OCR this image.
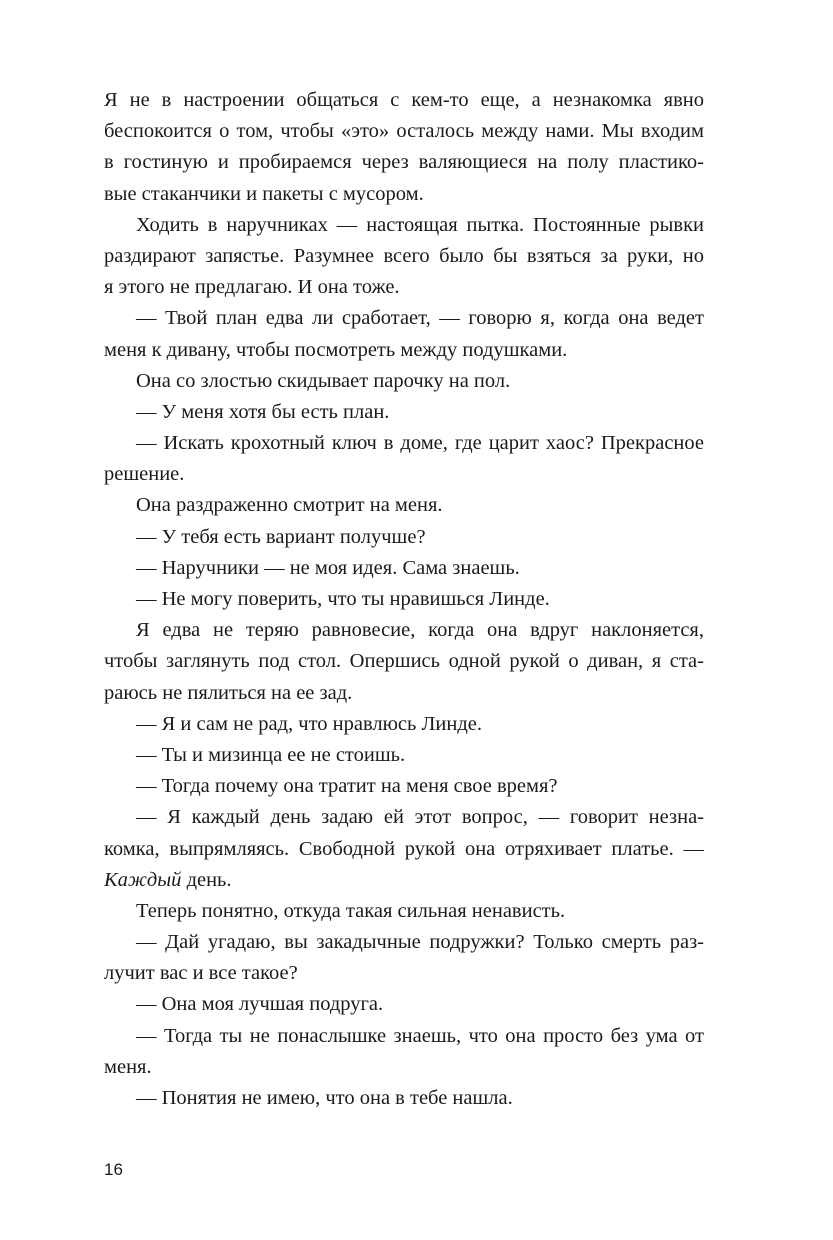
Я не в настроении общаться с кем-то еще, а незнакомка явно
беспокоится о том, чтобы «это» осталось между нами. Мы входим
в гостиную и пробираемся через валяющиеся на полу пластико-
вые стаканчики и пакеты с мусором.
Ходить в наручниках — настоящая пытка. Постоянные рывки
раздирают запястье. Разумнее всего было бы взяться за руки, но
я этого не предлагаю. И она тоже.
— Твой план едва ли сработает, — говорю я, когда она ведет
меня к дивану, чтобы посмотреть между подушками.
Она со злостью скидывает парочку на пол.
— У меня хотя бы есть план.
— Искать крохотный ключ в доме, где царит хаос? Прекрасное
решение.
Она раздраженно смотрит на меня.
— У тебя есть вариант получше?
— Наручники — не моя идея. Сама знаешь.
— Не могу поверить, что ты нравишься Линде.
Я едва не теряю равновесие, когда она вдруг наклоняется,
чтобы заглянуть под стол. Опершись одной рукой о диван, я ста-
раюсь не пялиться на ее зад.
— Я и сам не рад, что нравлюсь Линде.
— Ты и мизинца ее не стоишь.
— Тогда почему она тратит на меня свое время?
— Я каждый день задаю ей этот вопрос, — говорит незна-
комка, выпрямляясь. Свободной рукой она отряхивает платье. —
Каждый день.
Теперь понятно, откуда такая сильная ненависть.
— Дай угадаю, вы закадычные подружки? Только смерть раз-
лучит вас и все такое?
— Она моя лучшая подруга.
— Тогда ты не понаслышке знаешь, что она просто без ума от
меня.
— Понятия не имею, что она в тебе нашла.
16
